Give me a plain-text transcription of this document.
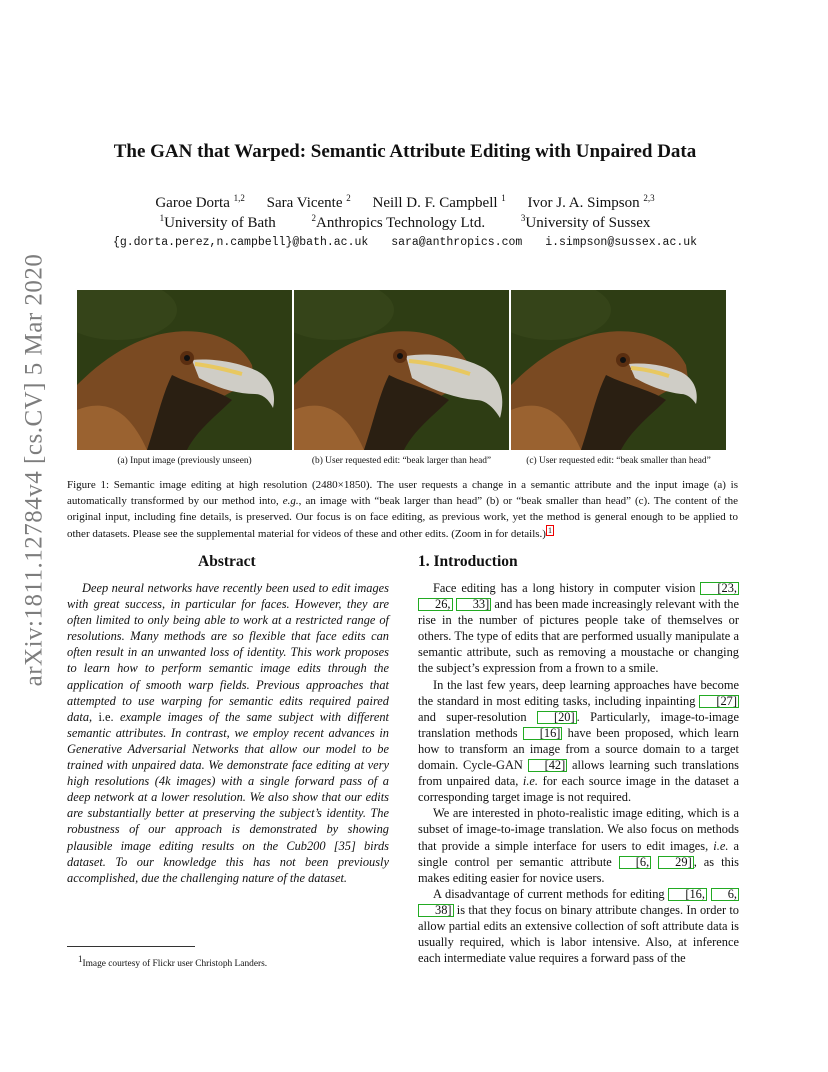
arXiv:1811.12784v4 [cs.CV] 5 Mar 2020
The GAN that Warped: Semantic Attribute Editing with Unpaired Data
Garoe Dorta $^{1,2}$ Sara Vicente $^2$ Neill D. F. Campbell $^1$ Ivor J. A. Simpson $^{2,3}$
$^1$University of Bath	$^2$Anthropics Technology Ltd.	$^3$University of Sussex
{g.dorta.perez,n.campbell}@bath.ac.uk sara@anthropics.com i.simpson@sussex.ac.uk
(a) Input image (previously unseen)	(b) User requested edit: “beak larger than head”	(c) User requested edit: “beak smaller than head”
Figure 1: Semantic image editing at high resolution (2480×1850). The user requests a change in a semantic attribute and the input image (a) is automatically transformed by our method into, e.g., an image with “beak larger than head” (b) or “beak smaller than head” (c). The content of the original input, including fine details, is preserved. Our focus is on face editing, as previous work, yet the method is general enough to be applied to other datasets. Please see the supplemental material for videos of these and other edits. (Zoom in for details.) 1
Abstract

Deep neural networks have recently been used to edit images with great success, in particular for faces. However, they are often limited to only being able to work at a restricted range of resolutions. Many methods are so flexible that face edits can often result in an unwanted loss of identity. This work proposes to learn how to perform semantic image edits through the application of smooth warp fields. Previous approaches that attempted to use warping for semantic edits required paired data, i.e. example images of the same subject with different semantic attributes. In contrast, we employ recent advances in Generative Adversarial Networks that allow our model to be trained with unpaired data. We demonstrate face editing at very high resolutions (4k images) with a single forward pass of a deep network at a lower resolution. We also show that our edits are substantially better at preserving the subject’s identity. The robustness of our approach is demonstrated by showing plausible image editing results on the Cub200 [35] birds dataset. To our knowledge this has not been previously accomplished, due the challenging nature of the dataset.

1. Introduction

Face editing has a long history in computer vision [23, 26, 33] and has been made increasingly relevant with the rise in the number of pictures people take of themselves or others. The type of edits that are performed usually manipulate a semantic attribute, such as removing a moustache or changing the subject’s expression from a frown to a smile.

In the last few years, deep learning approaches have become the standard in most editing tasks, including inpainting [27] and super-resolution [20] . Particularly, image-to-image translation methods [16] have been proposed, which learn how to transform an image from a source domain to a target domain. Cycle-GAN [42] allows learning such translations from unpaired data, i.e. for each source image in the dataset a corresponding target image is not required.

We are interested in photo-realistic image editing, which is a subset of image-to-image translation. We also focus on methods that provide a simple interface for users to edit images, i.e. a single control per semantic attribute [6, 29] , as this makes editing easier for novice users.

A disadvantage of current methods for editing [16, 6, 38] is that they focus on binary attribute changes. In order to allow partial edits an extensive collection of soft attribute data is usually required, which is labor intensive. Also, at inference each intermediate value requires a forward pass of the

$^1$Image courtesy of Flickr user Christoph Landers.
